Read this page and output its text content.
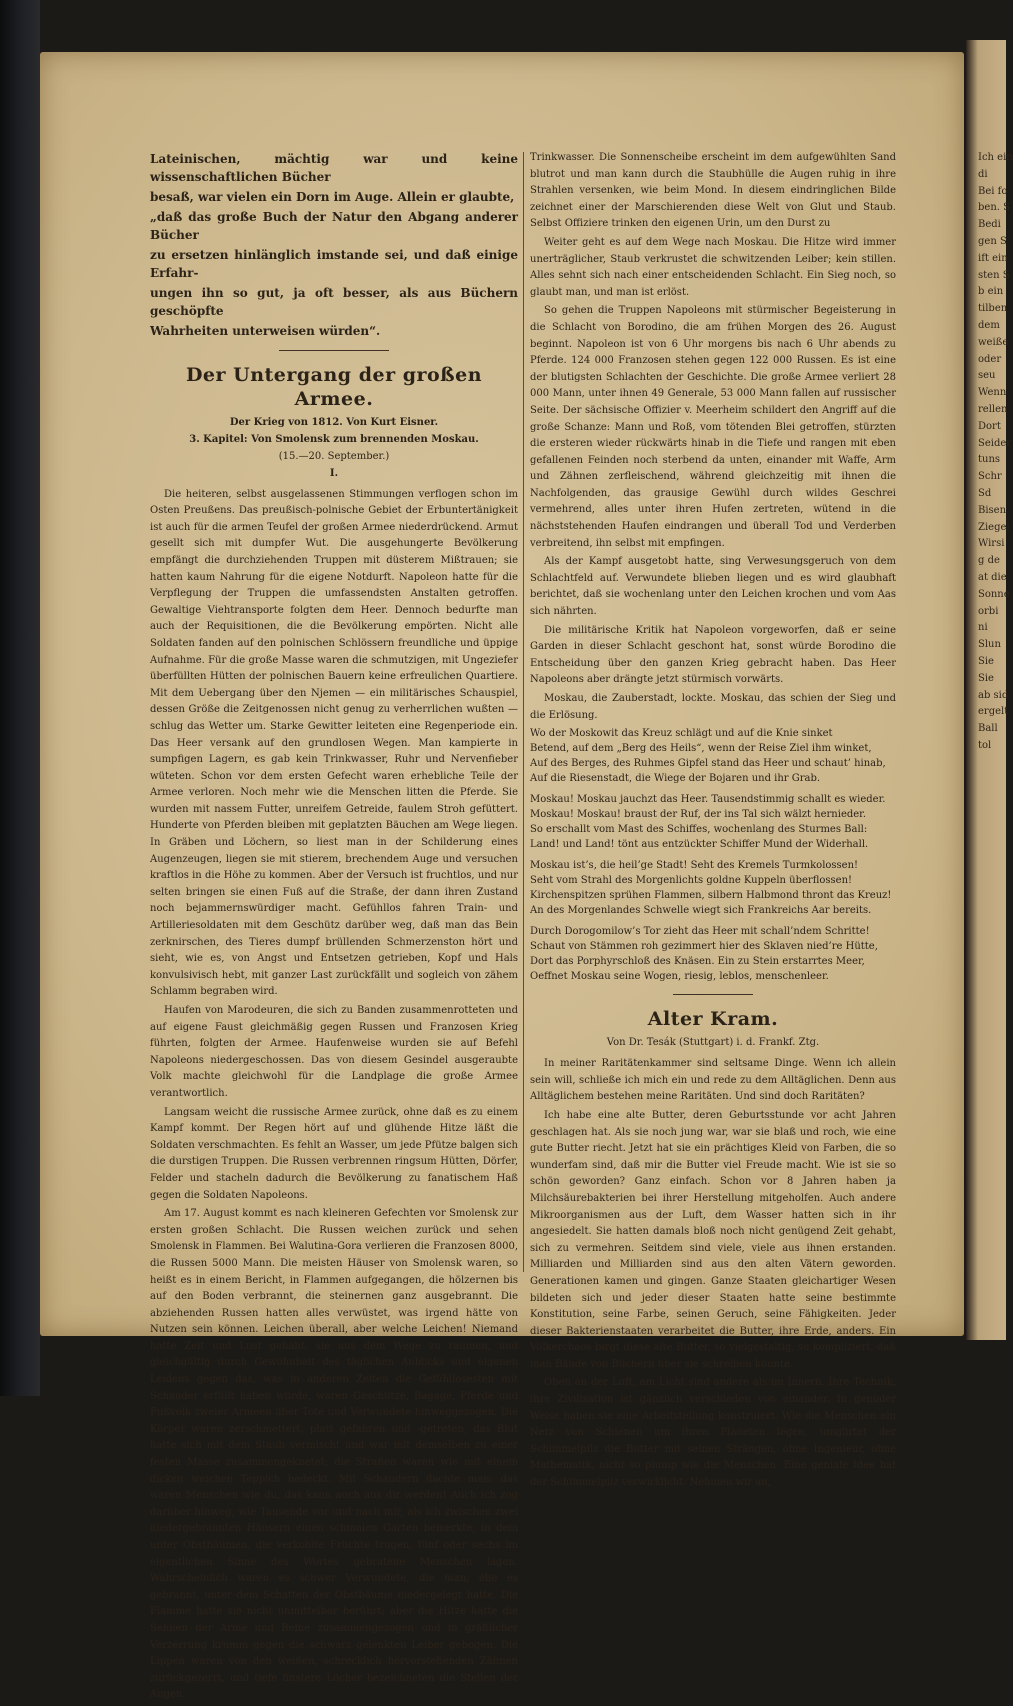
Ich ein
di
Bei fo
ben. S
Bedi
gen S
ift ein
sten S
b ein
tilben
dem
weiße
oder
seu
Wenn
rellen
Dort
Seider
tuns
Schr
Sd
Bisen
Ziegel
Wirsi
g de
at die
Sonne
orbi
ni
Slun
Sie
Sie
ab sid
ergelt
Ball
tol

Lateinischen, mächtig war und keine wissenschaftlichen Bücher

besaß, war vielen ein Dorn im Auge. Allein er glaubte,

„daß das große Buch der Natur den Abgang anderer Bücher

zu ersetzen hinlänglich imstande sei, und daß einige Erfahr-

ungen ihn so gut, ja oft besser, als aus Büchern geschöpfte

Wahrheiten unterweisen würden“.

Der Untergang der großen Armee.

Der Krieg von 1812. Von Kurt Eisner.

3. Kapitel: Von Smolensk zum brennenden Moskau.

(15.—20. September.)

I.

Die heiteren, selbst ausgelassenen Stimmungen verflogen schon im Osten Preußens. Das preußisch-polnische Gebiet der Erbuntertänigkeit ist auch für die armen Teufel der großen Armee niederdrückend. Armut gesellt sich mit dumpfer Wut. Die ausgehungerte Bevölkerung empfängt die durchziehenden Truppen mit düsterem Mißtrauen; sie hatten kaum Nahrung für die eigene Notdurft. Napoleon hatte für die Verpflegung der Truppen die umfassendsten Anstalten getroffen. Gewaltige Viehtransporte folgten dem Heer. Dennoch bedurfte man auch der Requisitionen, die die Bevölkerung empörten. Nicht alle Soldaten fanden auf den polnischen Schlössern freundliche und üppige Aufnahme. Für die große Masse waren die schmutzigen, mit Ungeziefer überfüllten Hütten der polnischen Bauern keine erfreulichen Quartiere. Mit dem Uebergang über den Njemen — ein militärisches Schauspiel, dessen Größe die Zeitgenossen nicht genug zu verherrlichen wußten — schlug das Wetter um. Starke Gewitter leiteten eine Regenperiode ein. Das Heer versank auf den grundlosen Wegen. Man kampierte in sumpfigen Lagern, es gab kein Trinkwasser, Ruhr und Nervenfieber wüteten. Schon vor dem ersten Gefecht waren erhebliche Teile der Armee verloren. Noch mehr wie die Menschen litten die Pferde. Sie wurden mit nassem Futter, unreifem Getreide, faulem Stroh gefüttert. Hunderte von Pferden bleiben mit geplatzten Bäuchen am Wege liegen. In Gräben und Löchern, so liest man in der Schilderung eines Augenzeugen, liegen sie mit stierem, brechendem Auge und versuchen kraftlos in die Höhe zu kommen. Aber der Versuch ist fruchtlos, und nur selten bringen sie einen Fuß auf die Straße, der dann ihren Zustand noch bejammernswürdiger macht. Gefühllos fahren Train- und Artilleriesoldaten mit dem Geschütz darüber weg, daß man das Bein zerknirschen, des Tieres dumpf brüllenden Schmerzenston hört und sieht, wie es, von Angst und Entsetzen getrieben, Kopf und Hals konvulsivisch hebt, mit ganzer Last zurückfällt und sogleich von zähem Schlamm begraben wird.

Haufen von Marodeuren, die sich zu Banden zusammenrotteten und auf eigene Faust gleichmäßig gegen Russen und Franzosen Krieg führten, folgten der Armee. Haufenweise wurden sie auf Befehl Napoleons niedergeschossen. Das von diesem Gesindel ausgeraubte Volk machte gleichwohl für die Landplage die große Armee verantwortlich.

Langsam weicht die russische Armee zurück, ohne daß es zu einem Kampf kommt. Der Regen hört auf und glühende Hitze läßt die Soldaten verschmachten. Es fehlt an Wasser, um jede Pfütze balgen sich die durstigen Truppen. Die Russen verbrennen ringsum Hütten, Dörfer, Felder und stacheln dadurch die Bevölkerung zu fanatischem Haß gegen die Soldaten Napoleons.

Am 17. August kommt es nach kleineren Gefechten vor Smolensk zur ersten großen Schlacht. Die Russen weichen zurück und sehen Smolensk in Flammen. Bei Walutina-Gora verlieren die Franzosen 8000, die Russen 5000 Mann. Die meisten Häuser von Smolensk waren, so heißt es in einem Bericht, in Flammen aufgegangen, die hölzernen bis auf den Boden verbrannt, die steinernen ganz ausgebrannt. Die abziehenden Russen hatten alles verwüstet, was irgend hätte von Nutzen sein können. Leichen überall, aber welche Leichen! Niemand hatte Zeit und Lust gehabt, sie aus dem Wege zu räumen, und gleichgültig durch Gewohnheit des täglichen Anblicks und eigenen Leidens gegen das, was in anderen Zeiten die Gefühllosesten mit Schauder erfüllt haben würde, waren Geschütze, Bagage, Pferde und Fußvolk zweier Armeen über Tote und Verwundete hinweggezogen. Die Körper waren zerschmettert, platt gefahren und -getreten, das Blut hatte sich mit dem Staub vermischt und war mit demselben zu einer festen Masse zusammengeknetet; die Straßen waren wie mit einem dicken weichen Teppich bedeckt. Mit Schaudern dachte man: das waren Menschen wie du, das kann auch aus dir werden! Auch ich zog darüber hinweg, wie Tausende vor und nach mir, als ich zwischen zwei niedergebrannten Häusern einen schmalen Garten bemerkte, in dem unter Obstbäumen, die verkohlte Früchte trugen, fünf oder sechs im eigentlichen Sinne des Wortes gebratene Menschen lagen. Wahrscheinlich waren es schwer Verwundete, die man, ehe es gebrannt, unter dem Schatten der Obstbäume niedergelegt hatte. Die Flamme hatte sie nicht unmittelbar berührt; aber die Hitze hatte die Sehnen der Arme und Beine zusammengezogen und in gräßlicher Verzerrung krumm gegen die schwarz gelenkten Leiber gebogen. Die Lippen waren von den weißen, schrecklich hervorstehenden Zähnen zurückgezerrt, und tiefe finstere Löcher bezeichneten die Stellen der Augen.

Trinkwasser. Die Sonnenscheibe erscheint im dem aufgewühlten Sand blutrot und man kann durch die Staubhülle die Augen ruhig in ihre Strahlen versenken, wie beim Mond. In diesem eindringlichen Bilde zeichnet einer der Marschierenden diese Welt von Glut und Staub. Selbst Offiziere trinken den eigenen Urin, um den Durst zu

Weiter geht es auf dem Wege nach Moskau. Die Hitze wird immer unerträglicher, Staub verkrustet die schwitzenden Leiber; kein stillen. Alles sehnt sich nach einer entscheidenden Schlacht. Ein Sieg noch, so glaubt man, und man ist erlöst.

So gehen die Truppen Napoleons mit stürmischer Begeisterung in die Schlacht von Borodino, die am frühen Morgen des 26. August beginnt. Napoleon ist von 6 Uhr morgens bis nach 6 Uhr abends zu Pferde. 124 000 Franzosen stehen gegen 122 000 Russen. Es ist eine der blutigsten Schlachten der Geschichte. Die große Armee verliert 28 000 Mann, unter ihnen 49 Generale, 53 000 Mann fallen auf russischer Seite. Der sächsische Offizier v. Meerheim schildert den Angriff auf die große Schanze: Mann und Roß, vom tötenden Blei getroffen, stürzten die ersteren wieder rückwärts hinab in die Tiefe und rangen mit eben gefallenen Feinden noch sterbend da unten, einander mit Waffe, Arm und Zähnen zerfleischend, während gleichzeitig mit ihnen die Nachfolgenden, das grausige Gewühl durch wildes Geschrei vermehrend, alles unter ihren Hufen zertreten, wütend in die nächststehenden Haufen eindrangen und überall Tod und Verderben verbreitend, ihn selbst mit empfingen.

Als der Kampf ausgetobt hatte, sing Verwesungsgeruch von dem Schlachtfeld auf. Verwundete blieben liegen und es wird glaubhaft berichtet, daß sie wochenlang unter den Leichen krochen und vom Aas sich nährten.

Die militärische Kritik hat Napoleon vorgeworfen, daß er seine Garden in dieser Schlacht geschont hat, sonst würde Borodino die Entscheidung über den ganzen Krieg gebracht haben. Das Heer Napoleons aber drängte jetzt stürmisch vorwärts.

Moskau, die Zauberstadt, lockte. Moskau, das schien der Sieg und die Erlösung.

Wo der Moskowit das Kreuz schlägt und auf die Knie sinket
Betend, auf dem „Berg des Heils“, wenn der Reise Ziel ihm winket,
Auf des Berges, des Ruhmes Gipfel stand das Heer und schaut’ hinab,
Auf die Riesenstadt, die Wiege der Bojaren und ihr Grab.
Moskau! Moskau jauchzt das Heer. Tausendstimmig schallt es wieder.
Moskau! Moskau! braust der Ruf, der ins Tal sich wälzt hernieder.
So erschallt vom Mast des Schiffes, wochenlang des Sturmes Ball:
Land! und Land! tönt aus entzückter Schiffer Mund der Widerhall.
Moskau ist’s, die heil’ge Stadt! Seht des Kremels Turmkolossen!
Seht vom Strahl des Morgenlichts goldne Kuppeln überflossen!
Kirchenspitzen sprühen Flammen, silbern Halbmond thront das Kreuz!
An des Morgenlandes Schwelle wiegt sich Frankreichs Aar bereits.
Durch Dorogomilow’s Tor zieht das Heer mit schall’ndem Schritte!
Schaut von Stämmen roh gezimmert hier des Sklaven nied’re Hütte,
Dort das Porphyrschloß des Knäsen. Ein zu Stein erstarrtes Meer,
Oeffnet Moskau seine Wogen, riesig, leblos, menschenleer.
Alter Kram.

Von Dr. Tesák (Stuttgart) i. d. Frankf. Ztg.

In meiner Raritätenkammer sind seltsame Dinge. Wenn ich allein sein will, schließe ich mich ein und rede zu dem Alltäglichen. Denn aus Alltäglichem bestehen meine Raritäten. Und sind doch Raritäten?

Ich habe eine alte Butter, deren Geburtsstunde vor acht Jahren geschlagen hat. Als sie noch jung war, war sie blaß und roch, wie eine gute Butter riecht. Jetzt hat sie ein prächtiges Kleid von Farben, die so wunderfam sind, daß mir die Butter viel Freude macht. Wie ist sie so schön geworden? Ganz einfach. Schon vor 8 Jahren haben ja Milchsäurebakterien bei ihrer Herstellung mitgeholfen. Auch andere Mikroorganismen aus der Luft, dem Wasser hatten sich in ihr angesiedelt. Sie hatten damals bloß noch nicht genügend Zeit gehabt, sich zu vermehren. Seitdem sind viele, viele aus ihnen erstanden. Milliarden und Milliarden sind aus den alten Vätern geworden. Generationen kamen und gingen. Ganze Staaten gleichartiger Wesen bildeten sich und jeder dieser Staaten hatte seine bestimmte Konstitution, seine Farbe, seinen Geruch, seine Fähigkeiten. Jeder dieser Bakterienstaaten verarbeitet die Butter, ihre Erde, anders. Ein Völkerchaos birgt diese alte Butter, so vielgestaltig, so kompliziert, daß man Bände von Büchern über sie schreiben könnte.

Oben an der Luft, am Licht sind andere als im Innern. Ihre Technik, ihre Zivilisation ist gänzlich verschieden von einander. In genialer Weise haben sie eine Arbeitsteilung konstruiert. Wie die Menschen ein Netz von Schienen um ihren Planeten legen, umgürtet der Schimmelpilz die Butter mit seinen Strängen, ohne Ingenieur, ohne Mathematik, nicht so plump wie die Menschen. Eine geniale Idee hat der Schimmelpilz verwirklicht. Nehmen wir an,
